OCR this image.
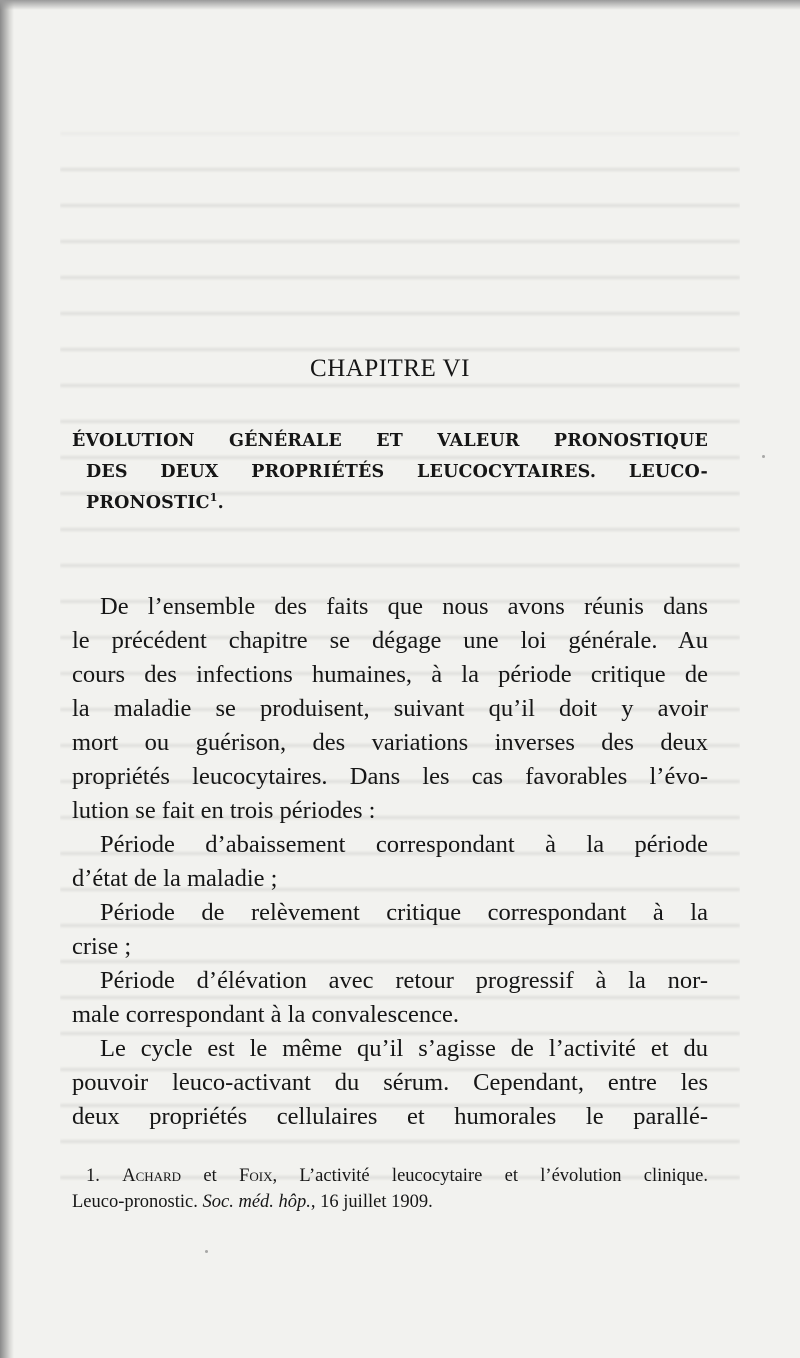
CHAPITRE VI
ÉVOLUTION GÉNÉRALE ET VALEUR PRONOSTIQUE
DES DEUX PROPRIÉTÉS LEUCOCYTAIRES. LEUCO-
PRONOSTIC$^1$.

De l’ensemble des faits que nous avons réunis dans
le précédent chapitre se dégage une loi générale. Au
cours des infections humaines, à la période critique de
la maladie se produisent, suivant qu’il doit y avoir
mort ou guérison, des variations inverses des deux
propriétés leucocytaires. Dans les cas favorables l’évo-
lution se fait en trois périodes :

Période d’abaissement correspondant à la période
d’état de la maladie ;

Période de relèvement critique correspondant à la
crise ;

Période d’élévation avec retour progressif à la nor-
male correspondant à la convalescence.

Le cycle est le même qu’il s’agisse de l’activité et du
pouvoir leuco-activant du sérum. Cependant, entre les
deux propriétés cellulaires et humorales le parallé-

1. Achard et Foix, L’activité leucocytaire et l’évolution clinique.
Leuco-pronostic. Soc. méd. hôp., 16 juillet 1909.
